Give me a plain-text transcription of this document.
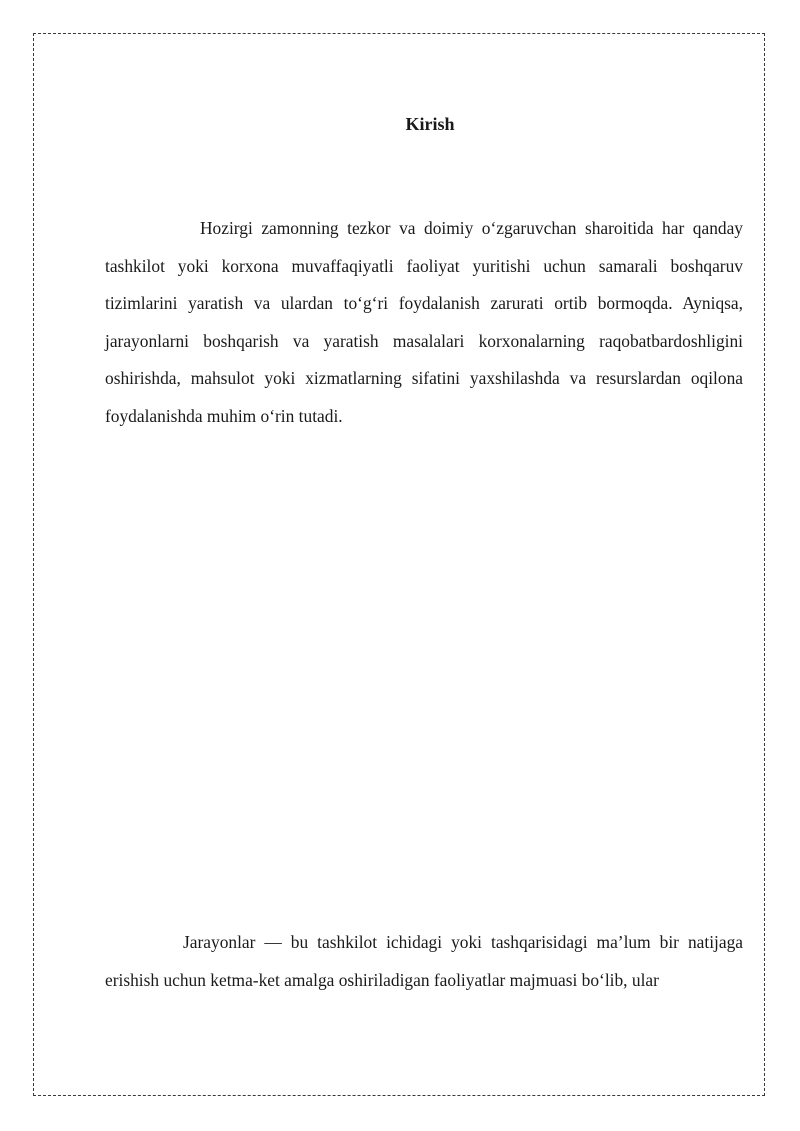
Kirish

Hozirgi zamonning tezkor va doimiy o‘zgaruvchan sharoitida har qanday tashkilot yoki korxona muvaffaqiyatli faoliyat yuritishi uchun samarali boshqaruv tizimlarini yaratish va ulardan to‘g‘ri foydalanish zarurati ortib bormoqda. Ayniqsa, jarayonlarni boshqarish va yaratish masalalari korxonalarning raqobatbardoshligini oshirishda, mahsulot yoki xizmatlarning sifatini yaxshilashda va resurslardan oqilona foydalanishda muhim o‘rin tutadi.

Jarayonlar — bu tashkilot ichidagi yoki tashqarisidagi ma’lum bir natijaga erishish uchun ketma-ket amalga oshiriladigan faoliyatlar majmuasi bo‘lib, ular
